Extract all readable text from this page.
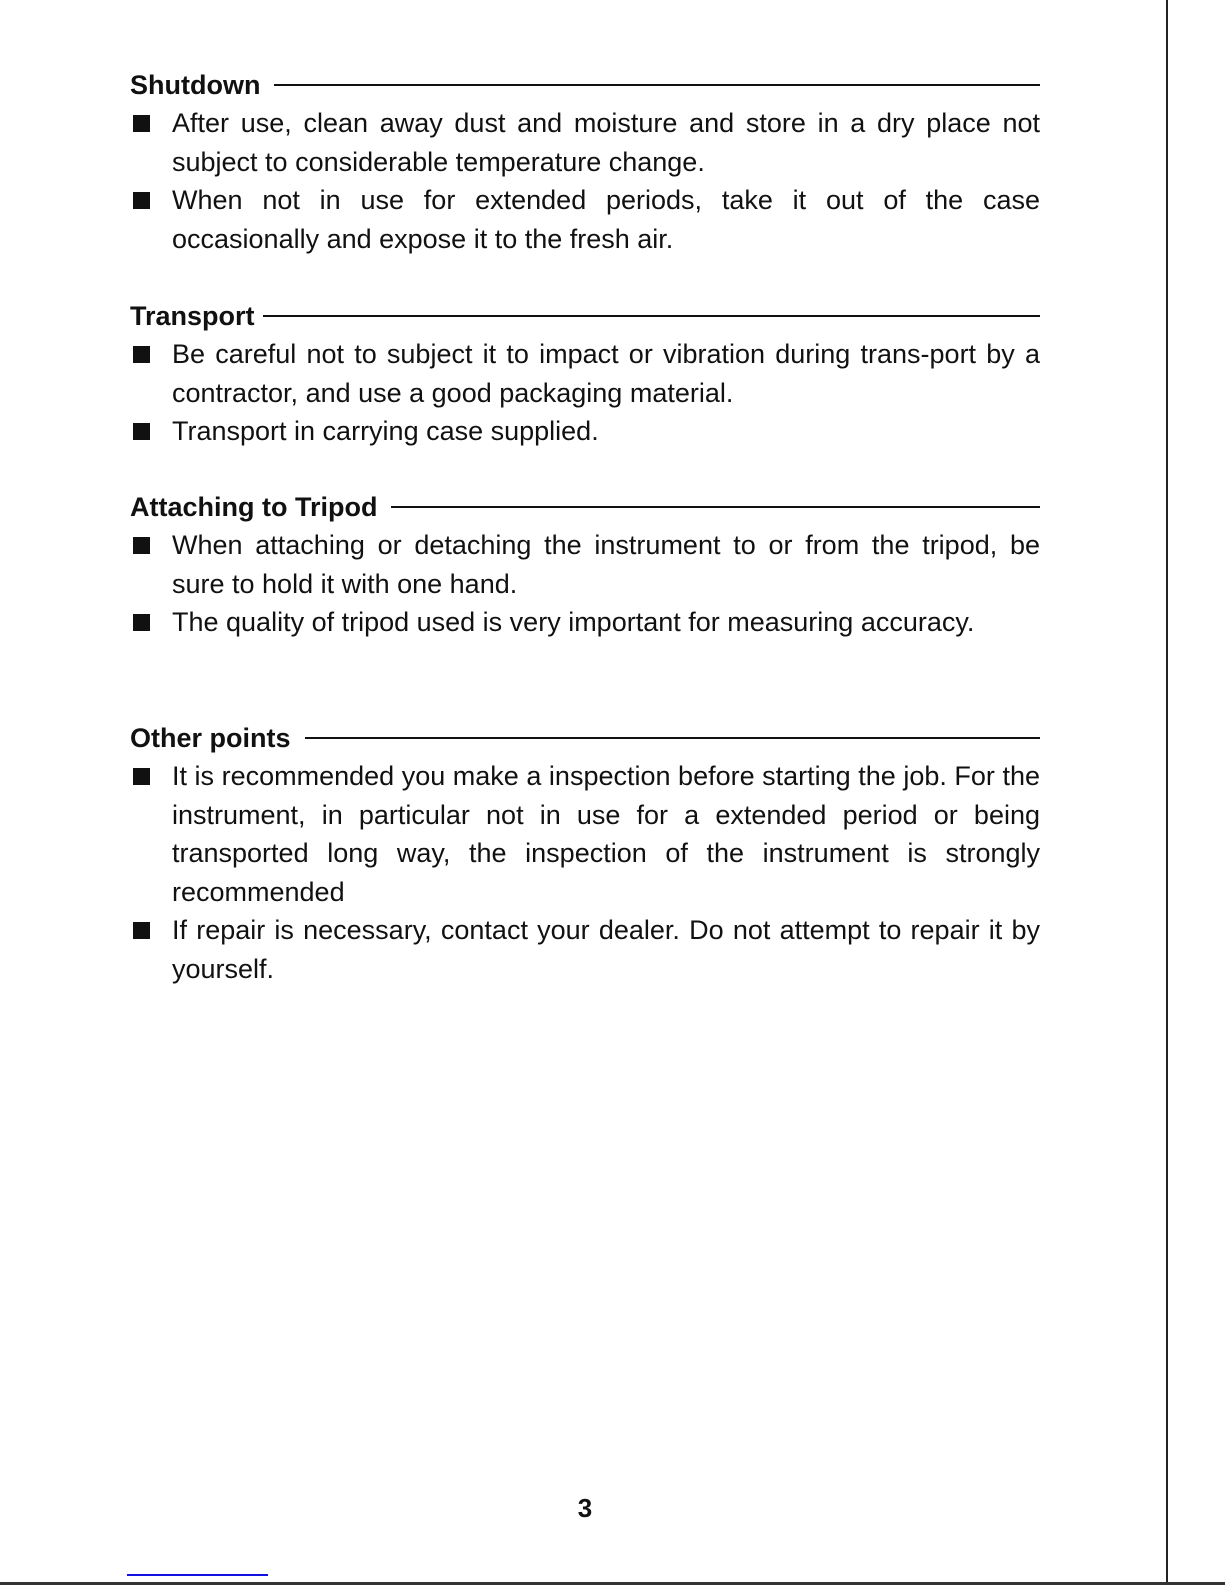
Shutdown
After use, clean away dust and moisture and store in a dry place not subject to considerable temperature change.
When not in use for extended periods, take it out of the case occasionally and expose it to the fresh air.
Transport
Be careful not to subject it to impact or vibration during trans-port by a contractor, and use a good packaging material.
Transport in carrying case supplied.
Attaching to Tripod
When attaching or detaching the instrument to or from the tripod, be sure to hold it with one hand.
The quality of tripod used is very important for measuring accuracy.
Other points
It is recommended you make a inspection before starting the job. For the instrument, in particular not in use for a extended period or being transported long way, the inspection of the instrument is strongly recommended
If repair is necessary, contact your dealer. Do not attempt to repair it by yourself.
3
